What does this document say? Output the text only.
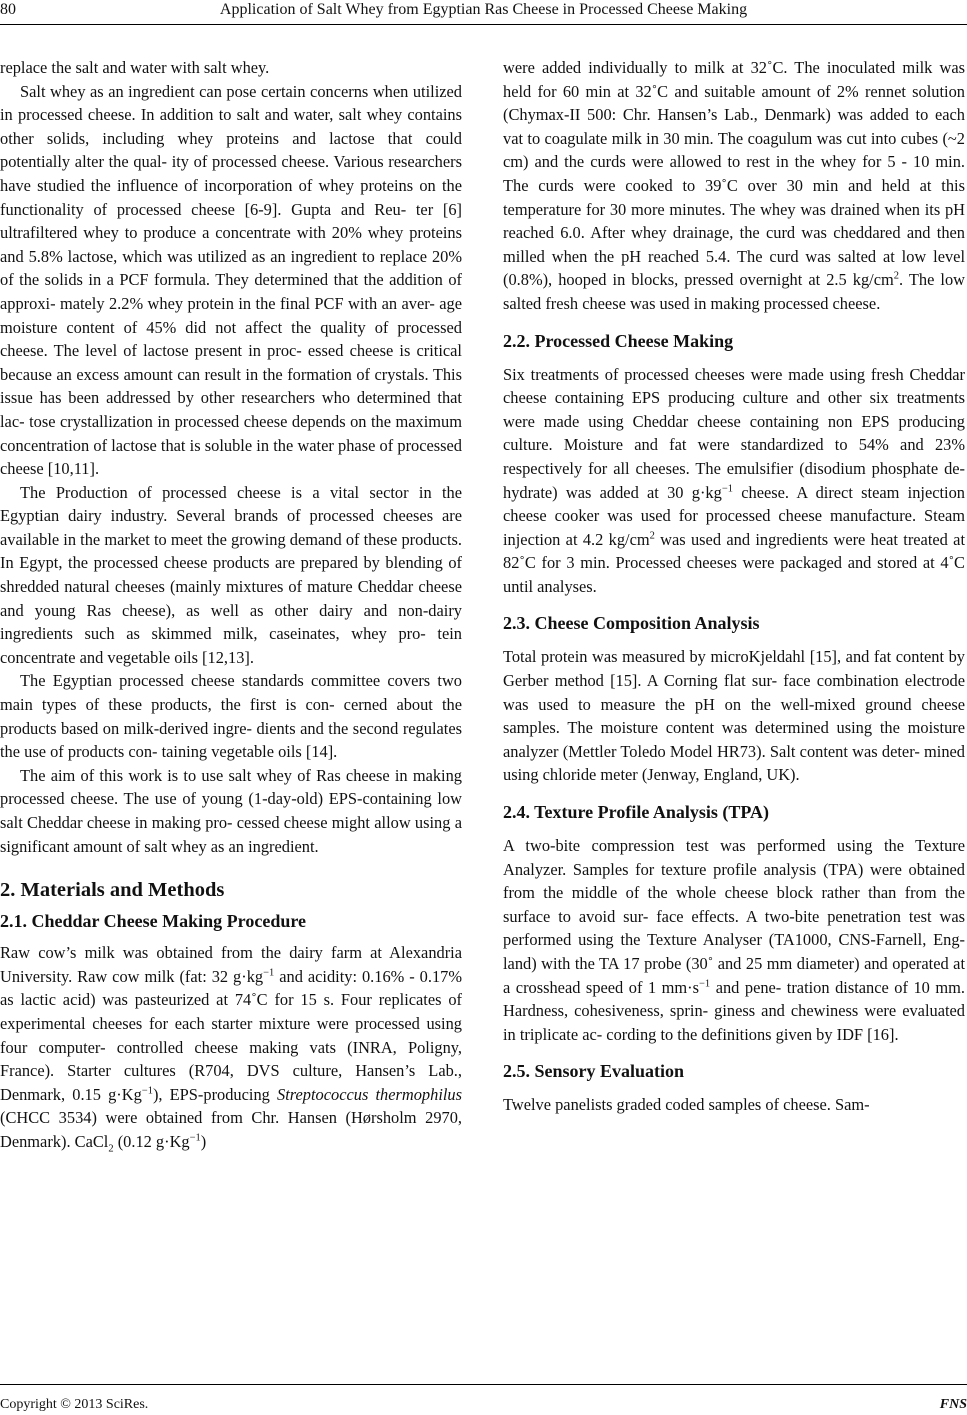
80	Application of Salt Whey from Egyptian Ras Cheese in Processed Cheese Making

replace the salt and water with salt whey.

Salt whey as an ingredient can pose certain concerns when utilized in processed cheese. In addition to salt and water, salt whey contains other solids, including whey proteins and lactose that could potentially alter the qual- ity of processed cheese. Various researchers have studied the influence of incorporation of whey proteins on the functionality of processed cheese [6-9]. Gupta and Reu- ter [6] ultrafiltered whey to produce a concentrate with 20% whey proteins and 5.8% lactose, which was utilized as an ingredient to replace 20% of the solids in a PCF formula. They determined that the addition of approxi- mately 2.2% whey protein in the final PCF with an aver- age moisture content of 45% did not affect the quality of processed cheese. The level of lactose present in proc- essed cheese is critical because an excess amount can result in the formation of crystals. This issue has been addressed by other researchers who determined that lac- tose crystallization in processed cheese depends on the maximum concentration of lactose that is soluble in the water phase of processed cheese [10,11].

The Production of processed cheese is a vital sector in the Egyptian dairy industry. Several brands of processed cheeses are available in the market to meet the growing demand of these products. In Egypt, the processed cheese products are prepared by blending of shredded natural cheeses (mainly mixtures of mature Cheddar cheese and young Ras cheese), as well as other dairy and non-dairy ingredients such as skimmed milk, caseinates, whey pro- tein concentrate and vegetable oils [12,13].

The Egyptian processed cheese standards committee covers two main types of these products, the first is con- cerned about the products based on milk-derived ingre- dients and the second regulates the use of products con- taining vegetable oils [14].

The aim of this work is to use salt whey of Ras cheese in making processed cheese. The use of young (1-day-old) EPS-containing low salt Cheddar cheese in making pro- cessed cheese might allow using a significant amount of salt whey as an ingredient.

2. Materials and Methods
2.1. Cheddar Cheese Making Procedure

Raw cow’s milk was obtained from the dairy farm at Alexandria University. Raw cow milk (fat: 32 $g\cdot kg^{-1}$ and acidity: 0.16% - 0.17% as lactic acid) was pasteurized at 74˚C for 15 s. Four replicates of experimental cheeses for each starter mixture were processed using four computer- controlled cheese making vats (INRA, Poligny, France). Starter cultures (R704, DVS culture, Hansen’s Lab., Denmark, 0.15 $g\cdot Kg^{-1}$), EPS-producing Streptococcus thermophilus (CHCC 3534) were obtained from Chr. Hansen (Hørsholm 2970, Denmark). CaCl$_2$ (0.12 $g\cdot Kg^{-1}$)

were added individually to milk at 32˚C. The inoculated milk was held for 60 min at 32˚C and suitable amount of 2% rennet solution (Chymax-II 500: Chr. Hansen’s Lab., Denmark) was added to each vat to coagulate milk in 30 min. The coagulum was cut into cubes (~2 cm) and the curds were allowed to rest in the whey for 5 - 10 min. The curds were cooked to 39˚C over 30 min and held at this temperature for 30 more minutes. The whey was drained when its pH reached 6.0. After whey drainage, the curd was cheddared and then milled when the pH reached 5.4. The curd was salted at low level (0.8%), hooped in blocks, pressed overnight at 2.5 $kg/cm^2$. The low salted fresh cheese was used in making processed cheese.

2.2. Processed Cheese Making

Six treatments of processed cheeses were made using fresh Cheddar cheese containing EPS producing culture and other six treatments were made using Cheddar cheese containing non EPS producing culture. Moisture and fat were standardized to 54% and 23% respectively for all cheeses. The emulsifier (disodium phosphate de- hydrate) was added at 30 $g\cdot kg^{-1}$ cheese. A direct steam injection cheese cooker was used for processed cheese manufacture. Steam injection at 4.2 $kg/cm^2$ was used and ingredients were heat treated at 82˚C for 3 min. Processed cheeses were packaged and stored at 4˚C until analyses.

2.3. Cheese Composition Analysis

Total protein was measured by microKjeldahl [15], and fat content by Gerber method [15]. A Corning flat sur- face combination electrode was used to measure the pH on the well-mixed ground cheese samples. The moisture content was determined using the moisture analyzer (Mettler Toledo Model HR73). Salt content was deter- mined using chloride meter (Jenway, England, UK).

2.4. Texture Profile Analysis (TPA)

A two-bite compression test was performed using the Texture Analyzer. Samples for texture profile analysis (TPA) were obtained from the middle of the whole cheese block rather than from the surface to avoid sur- face effects. A two-bite penetration test was performed using the Texture Analyser (TA1000, CNS-Farnell, Eng- land) with the TA 17 probe (30˚ and 25 mm diameter) and operated at a crosshead speed of 1 $mm\cdot s^{-1}$ and pene- tration distance of 10 mm. Hardness, cohesiveness, sprin- giness and chewiness were evaluated in triplicate ac- cording to the definitions given by IDF [16].

2.5. Sensory Evaluation

Twelve panelists graded coded samples of cheese. Sam-

Copyright © 2013 SciRes.	FNS
